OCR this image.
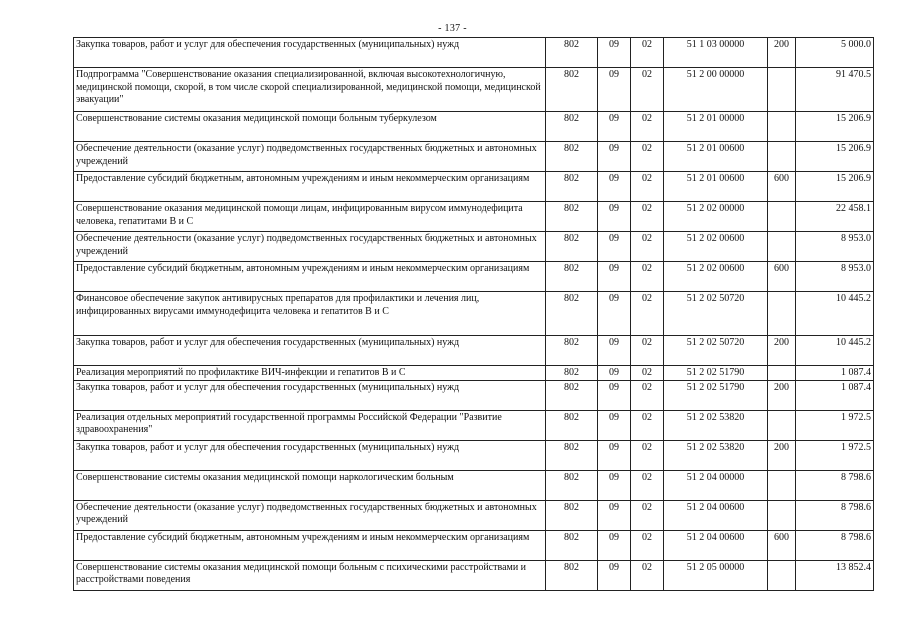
- 137 -
Закупка товаров, работ и услуг для обеспечения государственных (муниципальных) нужд	802	09	02	51 1 03 00000	200	5 000.0
Подпрограмма "Совершенствование оказания специализированной, включая высокотехнологичную, медицинской помощи, скорой, в том числе скорой специализированной, медицинской помощи, медицинской эвакуации"	802	09	02	51 2 00 00000		91 470.5
Совершенствование системы оказания медицинской помощи больным туберкулезом	802	09	02	51 2 01 00000		15 206.9
Обеспечение деятельности (оказание услуг) подведомственных государственных бюджетных и автономных учреждений	802	09	02	51 2 01 00600		15 206.9
Предоставление субсидий бюджетным, автономным учреждениям и иным некоммерческим организациям	802	09	02	51 2 01 00600	600	15 206.9
Совершенствование оказания медицинской помощи лицам, инфицированным вирусом иммунодефицита человека, гепатитами В и С	802	09	02	51 2 02 00000		22 458.1
Обеспечение деятельности (оказание услуг) подведомственных государственных бюджетных и автономных учреждений	802	09	02	51 2 02 00600		8 953.0
Предоставление субсидий бюджетным, автономным учреждениям и иным некоммерческим организациям	802	09	02	51 2 02 00600	600	8 953.0
Финансовое обеспечение закупок антивирусных препаратов для профилактики и лечения лиц, инфицированных вирусами иммунодефицита человека и гепатитов В и С	802	09	02	51 2 02 50720		10 445.2
Закупка товаров, работ и услуг для обеспечения государственных (муниципальных) нужд	802	09	02	51 2 02 50720	200	10 445.2
Реализация мероприятий по профилактике ВИЧ-инфекции и гепатитов В и С	802	09	02	51 2 02 51790		1 087.4
Закупка товаров, работ и услуг для обеспечения государственных (муниципальных) нужд	802	09	02	51 2 02 51790	200	1 087.4
Реализация отдельных мероприятий государственной программы Российской Федерации "Развитие здравоохранения"	802	09	02	51 2 02 53820		1 972.5
Закупка товаров, работ и услуг для обеспечения государственных (муниципальных) нужд	802	09	02	51 2 02 53820	200	1 972.5
Совершенствование системы оказания медицинской помощи наркологическим больным	802	09	02	51 2 04 00000		8 798.6
Обеспечение деятельности (оказание услуг) подведомственных государственных бюджетных и автономных учреждений	802	09	02	51 2 04 00600		8 798.6
Предоставление субсидий бюджетным, автономным учреждениям и иным некоммерческим организациям	802	09	02	51 2 04 00600	600	8 798.6
Совершенствование системы оказания медицинской помощи больным с психическими расстройствами и расстройствами поведения	802	09	02	51 2 05 00000		13 852.4
